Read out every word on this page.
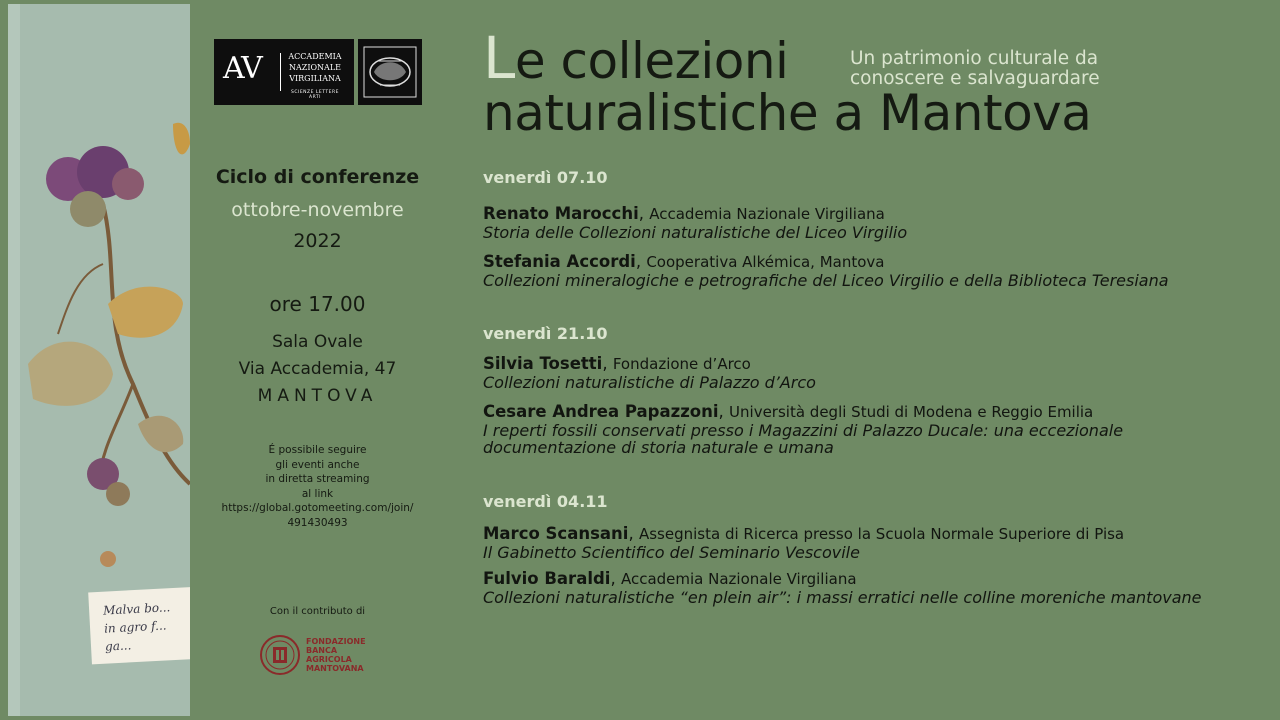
Malva bo...
in agro f...
ga...
AV	ACCADEMIA
NAZIONALE
VIRGILIANA
SCIENZE LETTERE ARTI
Ciclo di conferenze
ottobre-novembre
2022
ore 17.00
Sala Ovale
Via Accademia, 47
MANTOVA
É possibile seguire
gli eventi anche
in diretta streaming
al link
https://global.gotomeeting.com/join/
491430493
Con il contributo di
FONDAZIONE
BANCA
AGRICOLA
MANTOVANA
Le collezioni
naturalistiche a Mantova
Un patrimonio culturale da
conoscere e salvaguardare
venerdì 07.10
Renato Marocchi, Accademia Nazionale Virgiliana
Storia delle Collezioni naturalistiche del Liceo Virgilio
Stefania Accordi, Cooperativa Alkémica, Mantova
Collezioni mineralogiche e petrografiche del Liceo Virgilio e della Biblioteca Teresiana
venerdì 21.10
Silvia Tosetti, Fondazione d’Arco
Collezioni naturalistiche di Palazzo d’Arco
Cesare Andrea Papazzoni, Università degli Studi di Modena e Reggio Emilia
I reperti fossili conservati presso i Magazzini di Palazzo Ducale: una eccezionale
documentazione di storia naturale e umana
venerdì 04.11
Marco Scansani, Assegnista di Ricerca presso la Scuola Normale Superiore di Pisa
Il Gabinetto Scientifico del Seminario Vescovile
Fulvio Baraldi, Accademia Nazionale Virgiliana
Collezioni naturalistiche “en plein air”: i massi erratici nelle colline moreniche mantovane
